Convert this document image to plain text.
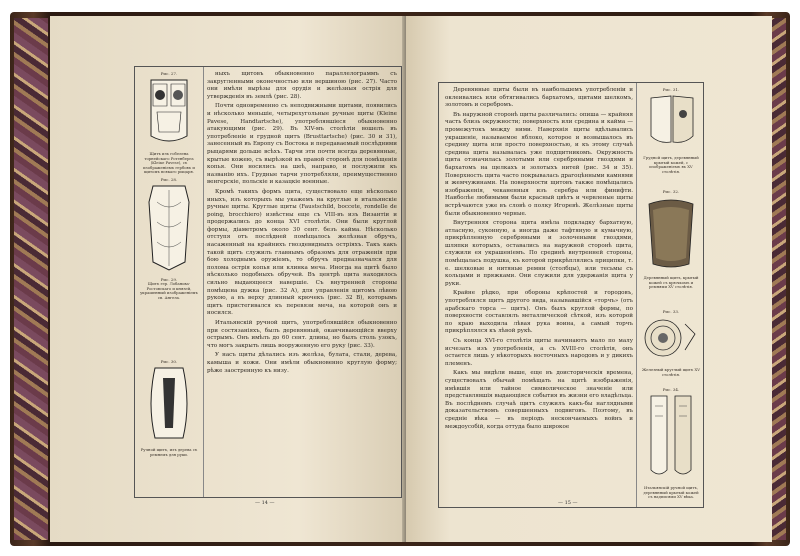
Рис. 27.
Щитъ изъ гобелена торнейскаго Ротенберга (Kleine Pavese), съ изображеніемъ гербовъ и щитомъ всякаго рыцаря.
Рис. 28.
Рис. 29.
Щитъ гер. Лобанова-Ростовскаго и князей, украшенный изображеніемъ св. Ангела.
Рис. 30.
Ручной щитъ, изъ дерева съ ремнемъ для руки.

ныхъ щитовъ обыкновенно параллелограммъ съ закругленными оконечностью или вершиною (рис. 27). Часто они имѣли вырѣзы для орудія и желѣзныя острія для утвержденія въ землѣ (рис. 28).

Почти одновременно съ неподвижными щитами, появились и нѣсколько меньшіе, четырехугольные ручные щиты (Kleine Pavese, Handtartsche), употреблявшіеся обыкновенно атакующими (рис. 29). Въ XIV-мъ столѣтіи вошелъ въ употребленіе и грудной щитъ (Brusttartsche) (рис. 30 и 31), занесенный въ Европу съ Востока и передаваемый послѣдними рыцарями дольше всѣхъ. Тарчи эти почти всегда деревянные, крытые кожею, съ вырѣзкой въ правой сторонѣ для помѣщенія копья. Они носились на шеѣ, направо, и послужили къ названію ихъ. Грудные тарчи употребляли, преимущественно венгерскіе, польскіе и казацкіе военные.

Кромѣ такихъ формъ щита, существовало еще нѣсколько иныхъ, изъ которыхъ мы укажемъ на круглые и итальянскіе ручные щиты. Круглые щиты (Faustschild, boccete, rondelle de poing, brocchiero) извѣстны еще съ VIII-въ изъ Византіи и продержались до конца XVI столѣтія. Они были круглой формы, діаметромъ около 30 сент. безъ кайма. Нѣсколько отступя отъ послѣдней помѣщалось желѣзная обручъ, насаженный на крайнихъ гвоздевидныхъ остріяхъ. Такъ какъ такой щитъ служилъ главнымъ образомъ для отраженія при бою холоднымъ оружіемъ, то обручъ предназначался для полома острія копья или клинка меча. Иногда на щитѣ было нѣсколько подобныхъ обручей. Въ центрѣ щита находилось сильно выдающееся навершіе. Съ внутренней стороны помѣщена дужка (рис. 32 А), для управленія щитомъ лѣвою рукою, а въ верху длинный крючекъ (рис. 32 В), которымъ щитъ пристегивался къ перевязи меча, на которой онъ и носился.

Итальянскій ручной щитъ, употреблявшійся обыкновенно при состязаніяхъ, былъ деревянный, оканчивающійся вверху острымъ. Онъ имѣлъ до 60 сент. длины, но былъ столь узокъ, что могъ закрыть лишь вооруженную его руку (рис. 33).

У насъ щиты дѣлались изъ желѣза, булата, стали, дерева, камыша и кожи. Они имѣли обыкновенно круглую форму; рѣже заостренную къ низу.

— 14 —

Деревянные щиты были въ наибольшемъ употребленіи и оклеивались или обтягивались бархатомъ, щитами шелкомъ, золотомъ и серебромъ.

Въ наружной сторонѣ щиты различались: опиша — крайняя часть близь окружности; поверхность или средина и кайма — промежутокъ между ними. Наверхнія щиты вдѣлывались украшеніе, называемое яблоко, которое и возвышалось въ средину щита или просто поверхностью, и къ этому случаѣ средина щита называлась уже подщитникомъ. Окружность щита отзначилась золотыми или серебряными гвоздями и бархатомъ на щелкахъ и золотыхъ нитей (рис. 34 и 35). Поверхность щита часто покрывалась драгоцѣнными камнями и жемчужинами. На поверхности щитовъ также помѣщались изображенія, чеканенныя изъ серебра или финифти. Наиболѣе любимыми были красный цвѣтъ и червленые щиты встрѣчаются уже въ словѣ о полку Игоревѣ. Желѣзные щиты были обыкновенно черные.

Внутренняя сторона щита имѣла подкладку бархатную, атласную, суконную, а иногда даже тафтяную и кумачную, прикрѣпленную серебряными и золочеными гвоздями, шляпки которыхъ, оставались на наружной сторонѣ щита, служили ея украшеніемъ. По срединѣ внутренней стороны, помѣщалась подушка, къ которой прикрѣплялись приципки, т. е. шелковые и нитяные ремни (столбцы), или тесьмы съ кольцами и пряжками. Они служили для удержанія щита у руки.

Крайне рѣдко, при обороны крѣпостей и городовъ, употреблялся щитъ другого вида, называвшійся «торчъ» (отъ арабскаго торса — щитъ). Онъ былъ круглой формы, по поверхности составлялъ металлической сѣткой, изъ которой по краю выходила лѣвая рука воина, а самый торчъ прикрѣплялся къ лѣвой рукѣ.

Съ конца XVI-го столѣтія щиты начинаютъ мало по малу исчезать изъ употребленія, а съ XVIII-го столѣтія, онъ остается лишь у нѣкоторыхъ восточныхъ народовъ и у дикихъ племенъ.

Какъ мы видѣли выше, еще въ доисторическія времена, существовалъ обычай помѣщать на щитѣ изображенія, имѣвшія или тайное символическое значеніе или представлявшія выдающіяся события въ жизни его владѣльца. Въ послѣднемъ случаѣ щитъ служилъ какъ-бы наглядными доказательствомъ совершенныхъ подвиговъ. Поэтому, въ средніе вѣка — въ періодъ нескончаемыхъ войнъ и междоусобій, когда оттуда было широкое

Рис. 31.
Грудной щитъ, деревянный крытый кожей, с изображеніемъ въ XV столѣтія.
Рис. 32.
Деревянный щитъ, крытый кожей съ крючкомъ и ремнями XV столѣтія.
Рис. 33.
Железный круглый щитъ XV столѣтія.
Рис. 34.
Итальянскій ручной щитъ, деревянный крытый кожей съ надписями XV вѣка.
— 15 —
